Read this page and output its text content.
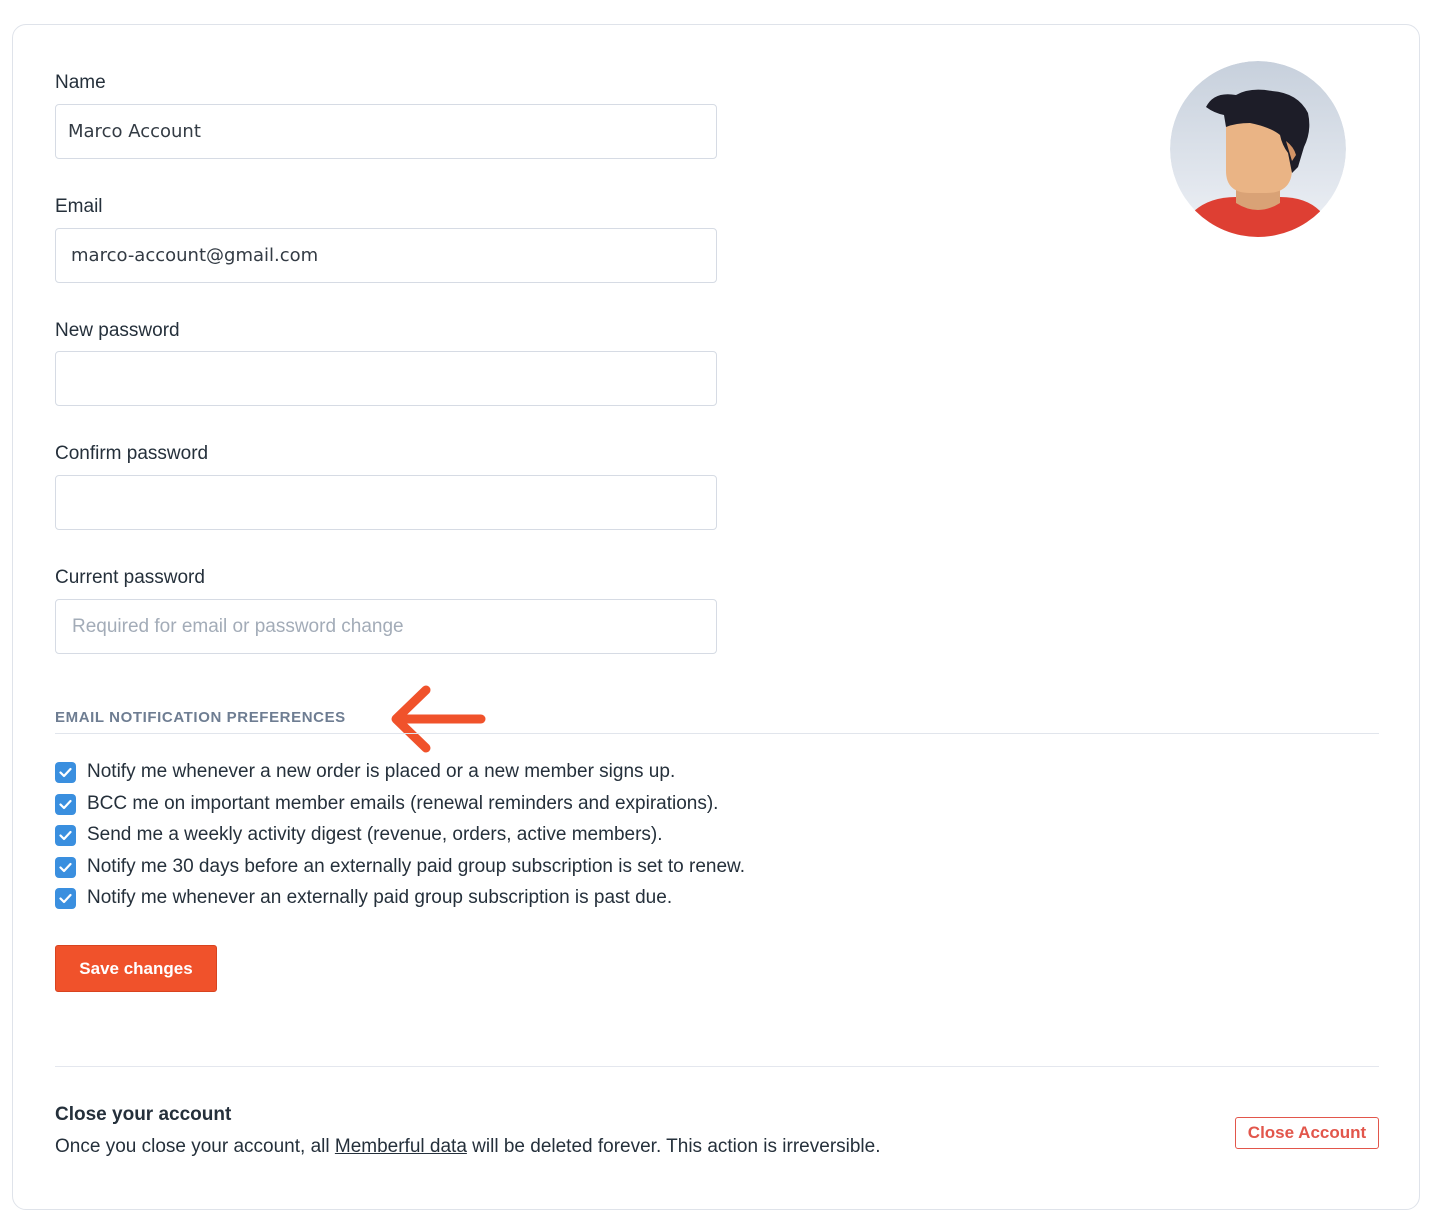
Name
Marco Account
Email
marco-account@gmail.com
New password
Confirm password
Current password
EMAIL NOTIFICATION PREFERENCES
Notify me whenever a new order is placed or a new member signs up.
BCC me on important member emails (renewal reminders and expirations).
Send me a weekly activity digest (revenue, orders, active members).
Notify me 30 days before an externally paid group subscription is set to renew.
Notify me whenever an externally paid group subscription is past due.
Save changes
Close your account
Once you close your account, all Memberful data will be deleted forever. This action is irreversible.
Close Account
